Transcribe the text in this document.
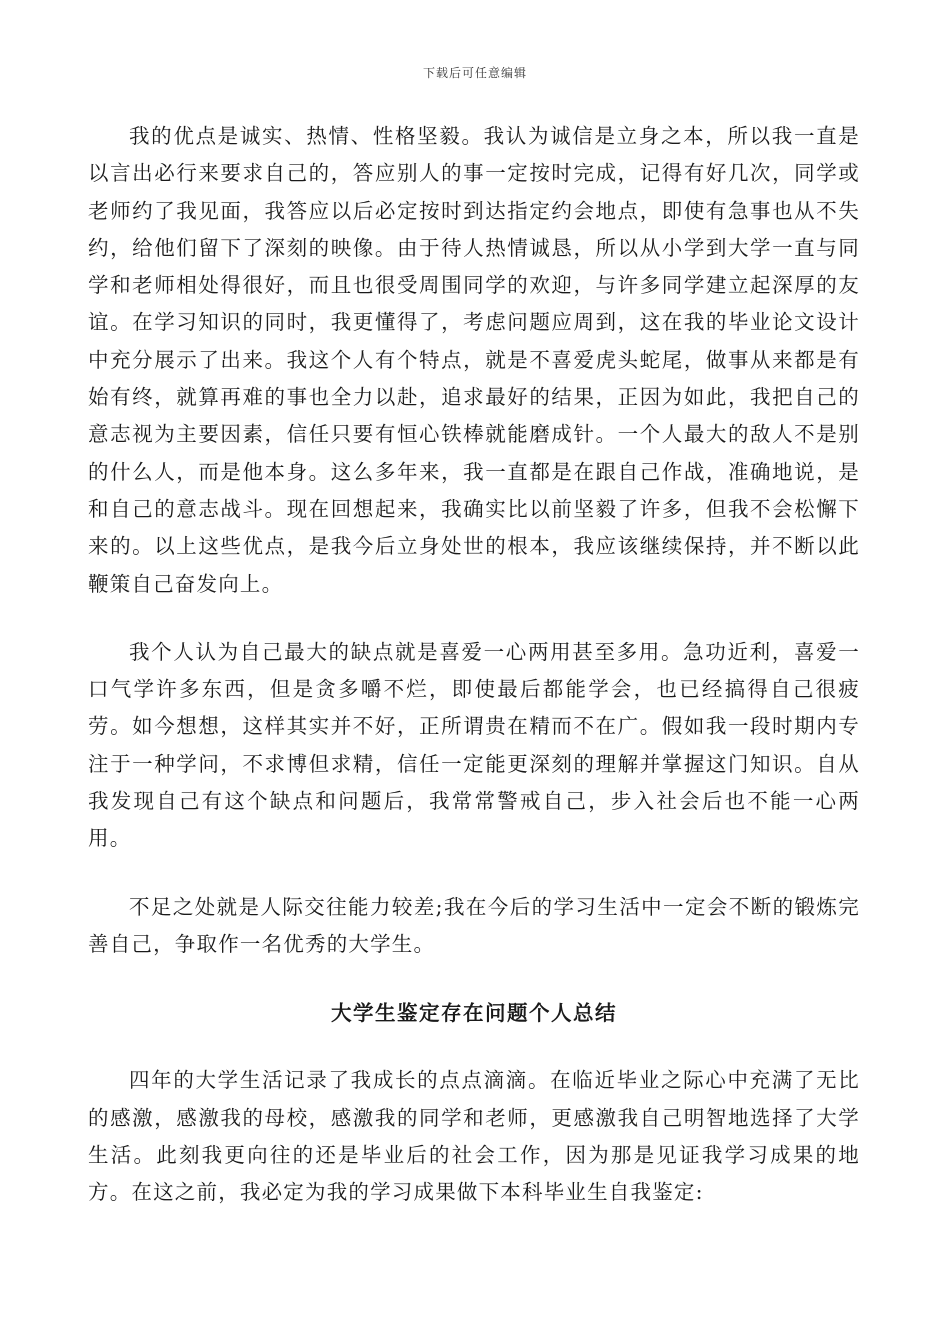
下载后可任意编辑

我的优点是诚实、热情、性格坚毅。我认为诚信是立身之本，所以我一直是以言出必行来要求自己的，答应别人的事一定按时完成，记得有好几次，同学或老师约了我见面，我答应以后必定按时到达指定约会地点，即使有急事也从不失约，给他们留下了深刻的映像。由于待人热情诚恳，所以从小学到大学一直与同学和老师相处得很好，而且也很受周围同学的欢迎，与许多同学建立起深厚的友谊。在学习知识的同时，我更懂得了，考虑问题应周到，这在我的毕业论文设计中充分展示了出来。我这个人有个特点，就是不喜爱虎头蛇尾，做事从来都是有始有终，就算再难的事也全力以赴，追求最好的结果，正因为如此，我把自己的意志视为主要因素，信任只要有恒心铁棒就能磨成针。一个人最大的敌人不是别的什么人，而是他本身。这么多年来，我一直都是在跟自己作战，准确地说，是和自己的意志战斗。现在回想起来，我确实比以前坚毅了许多，但我不会松懈下来的。以上这些优点，是我今后立身处世的根本，我应该继续保持，并不断以此鞭策自己奋发向上。

我个人认为自己最大的缺点就是喜爱一心两用甚至多用。急功近利，喜爱一口气学许多东西，但是贪多嚼不烂，即使最后都能学会，也已经搞得自己很疲劳。如今想想，这样其实并不好，正所谓贵在精而不在广。假如我一段时期内专注于一种学问，不求博但求精，信任一定能更深刻的理解并掌握这门知识。自从我发现自己有这个缺点和问题后，我常常警戒自己，步入社会后也不能一心两用。

不足之处就是人际交往能力较差;我在今后的学习生活中一定会不断的锻炼完善自己，争取作一名优秀的大学生。

大学生鉴定存在问题个人总结

四年的大学生活记录了我成长的点点滴滴。在临近毕业之际心中充满了无比的感激，感激我的母校，感激我的同学和老师，更感激我自己明智地选择了大学生活。此刻我更向往的还是毕业后的社会工作，因为那是见证我学习成果的地方。在这之前，我必定为我的学习成果做下本科毕业生自我鉴定:
